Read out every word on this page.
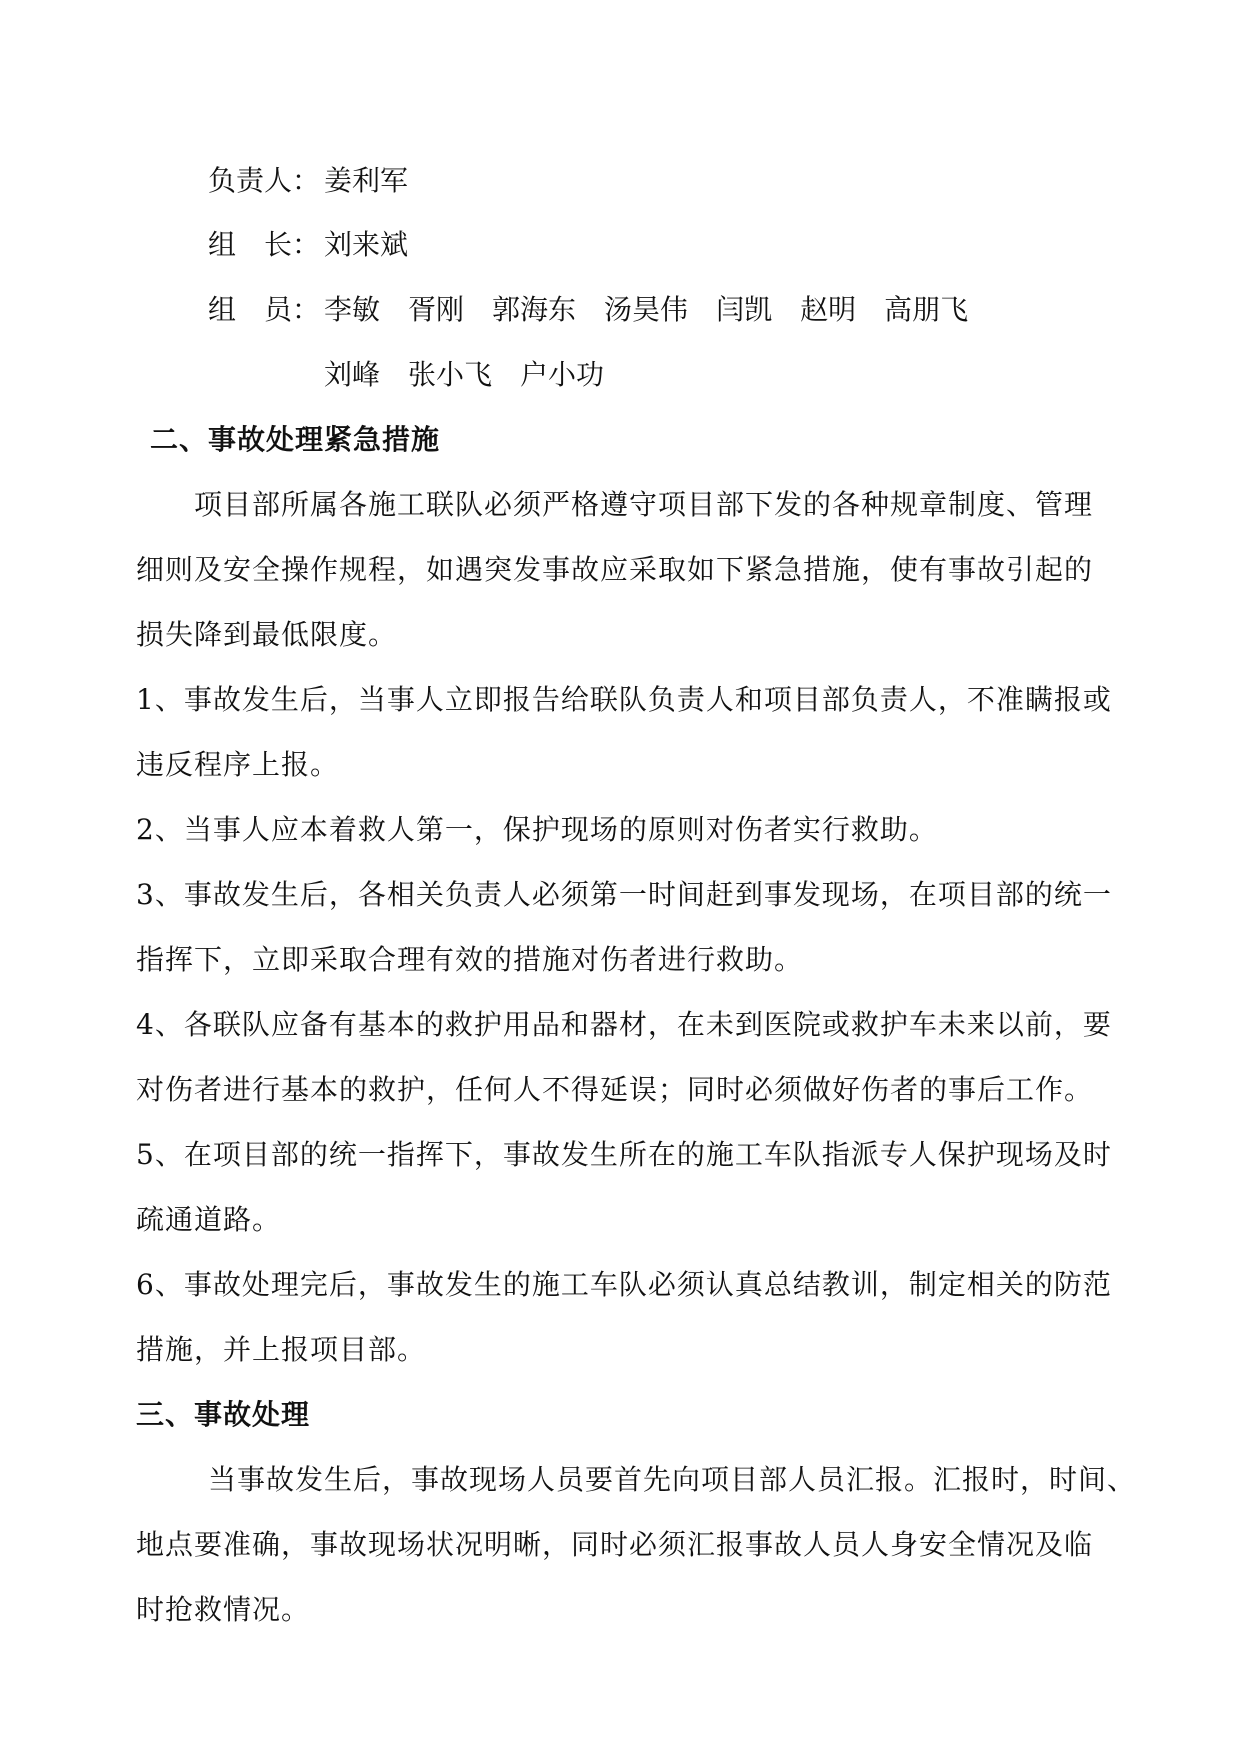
负责人： 姜利军
组　长： 刘来斌
组　员： 李敏 胥刚 郭海东 汤昊伟 闫凯 赵明 高朋飞
刘峰 张小飞 户小功
二、事故处理紧急措施
项目部所属各施工联队必须严格遵守项目部下发的各种规章制度、管理
细则及安全操作规程，如遇突发事故应采取如下紧急措施，使有事故引起的
损失降到最低限度。
1、事故发生后，当事人立即报告给联队负责人和项目部负责人，不准瞒报或
违反程序上报。
2、当事人应本着救人第一，保护现场的原则对伤者实行救助。
3、事故发生后，各相关负责人必须第一时间赶到事发现场，在项目部的统一
指挥下，立即采取合理有效的措施对伤者进行救助。
4、各联队应备有基本的救护用品和器材，在未到医院或救护车未来以前，要
对伤者进行基本的救护，任何人不得延误；同时必须做好伤者的事后工作。
5、在项目部的统一指挥下，事故发生所在的施工车队指派专人保护现场及时
疏通道路。
6、事故处理完后，事故发生的施工车队必须认真总结教训，制定相关的防范
措施，并上报项目部。
三、事故处理
当事故发生后，事故现场人员要首先向项目部人员汇报。汇报时，时间、
地点要准确，事故现场状况明晰，同时必须汇报事故人员人身安全情况及临
时抢救情况。
